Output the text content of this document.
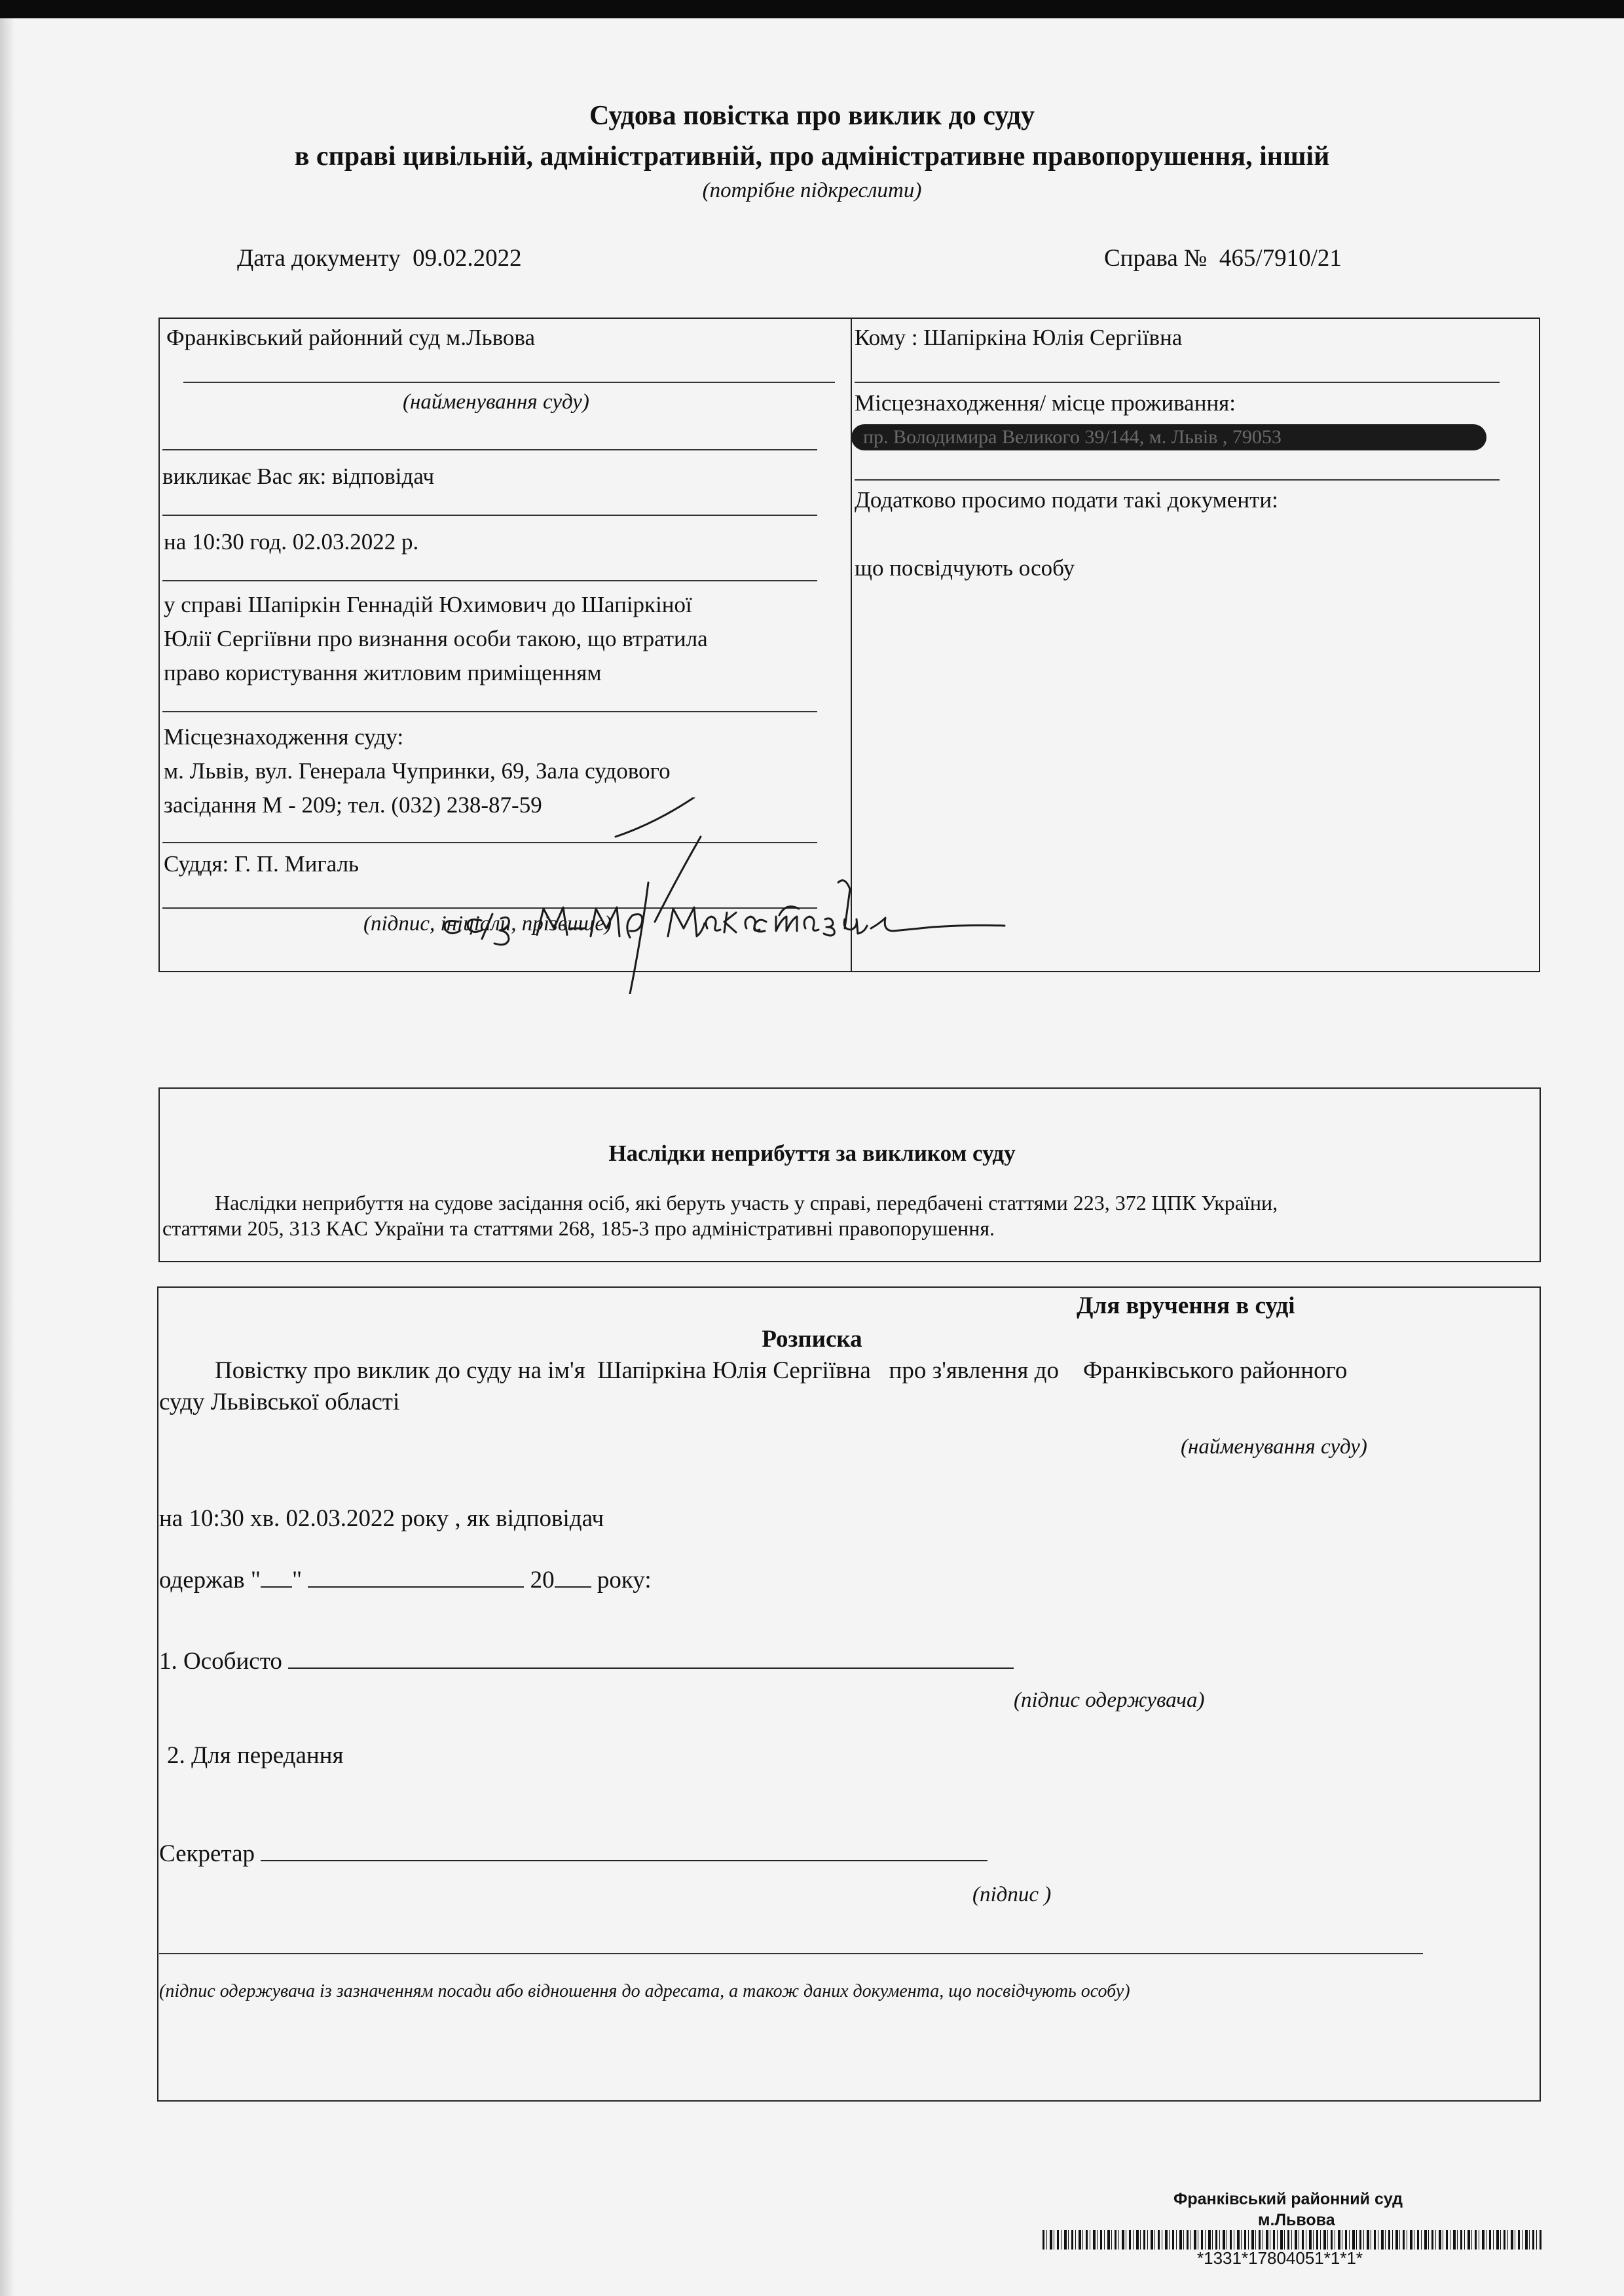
Судова повістка про виклик до суду
в справі цивільній, адміністративній, про адміністративне правопорушення, іншій
(потрібне підкреслити)
Дата документу 09.02.2022	Справа № 465/7910/21
Франківський районний суд м.Львова
(найменування суду)
викликає Вас як: відповідач
на 10:30 год. 02.03.2022 р.
у справі Шапіркін Геннадій Юхимович до Шапіркіної
Юлії Сергіївни про визнання особи такою, що втратила
право користування житловим приміщенням
Місцезнаходження суду:
м. Львів, вул. Генерала Чупринки, 69, Зала судового
засідання М - 209; тел. (032) 238-87-59
Суддя: Г. П. Мигаль
(підпис, ініціали, прізвище)
Кому : Шапіркіна Юлія Сергіївна
Місцезнаходження/ місце проживання:
пр. Володимира Великого 39/144, м. Львів , 79053
Додатково просимо подати такі документи:
що посвідчують особу
Наслідки неприбуття за викликом суду
Наслідки неприбуття на судове засідання осіб, які беруть участь у справі, передбачені статтями 223, 372 ЦПК України,
статтями 205, 313 КАС України та статтями 268, 185-3 про адміністративні правопорушення.
Для вручення в суді
Розписка
Повістку про виклик до суду на ім'я Шапіркіна Юлія Сергіївна про з'явлення до Франківського районного
суду Львівської області
(найменування суду)
на 10:30 хв. 02.03.2022 року , як відповідач
одержав " "	20 року:
1. Особисто
(підпис одержувача)
2. Для передання
Секретар
(підпис )
(підпис одержувача із зазначенням посади або відношення до адресата, а також даних документа, що посвідчують особу)
Франківський районний суд
м.Львова
*1331*17804051*1*1*
